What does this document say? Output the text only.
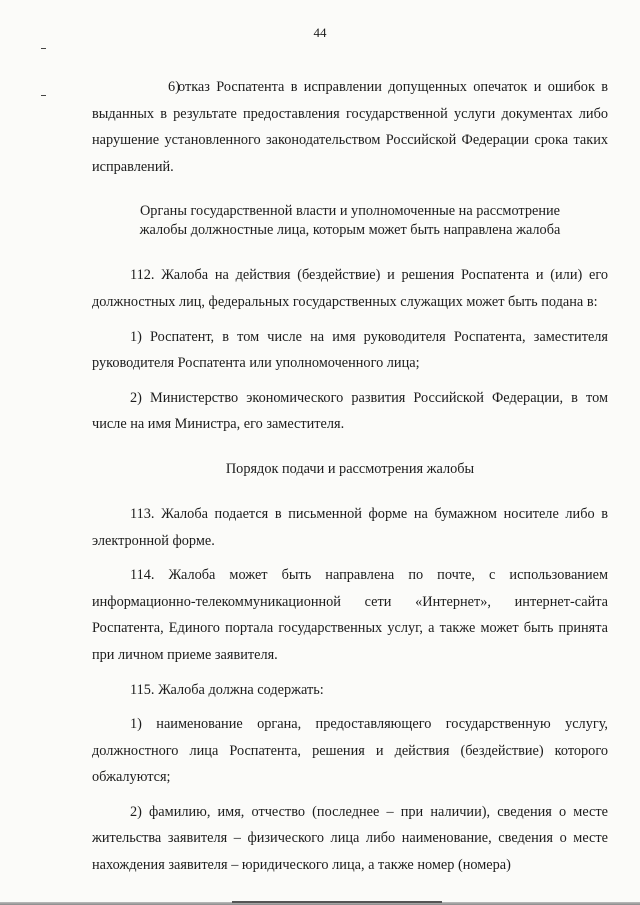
44

6)отказ Роспатента в исправлении допущенных опечаток и ошибок в выданных в результате предоставления государственной услуги документах либо нарушение установленного законодательством Российской Федерации срока таких исправлений.

Органы государственной власти и уполномоченные на рассмотрение
жалобы должностные лица, которым может быть направлена жалоба

112. Жалоба на действия (бездействие) и решения Роспатента и (или) его должностных лиц, федеральных государственных служащих может быть подана в:

1) Роспатент, в том числе на имя руководителя Роспатента, заместителя руководителя Роспатента или уполномоченного лица;

2) Министерство экономического развития Российской Федерации, в том числе на имя Министра, его заместителя.

Порядок подачи и рассмотрения жалобы

113. Жалоба подается в письменной форме на бумажном носителе либо в электронной форме.

114. Жалоба может быть направлена по почте, с использованием информационно-телекоммуникационной сети «Интернет», интернет-сайта Роспатента, Единого портала государственных услуг, а также может быть принята при личном приеме заявителя.

115. Жалоба должна содержать:

1) наименование органа, предоставляющего государственную услугу, должностного лица Роспатента, решения и действия (бездействие) которого обжалуются;

2) фамилию, имя, отчество (последнее – при наличии), сведения о месте жительства заявителя – физического лица либо наименование, сведения о месте нахождения заявителя – юридического лица, а также номер (номера)
